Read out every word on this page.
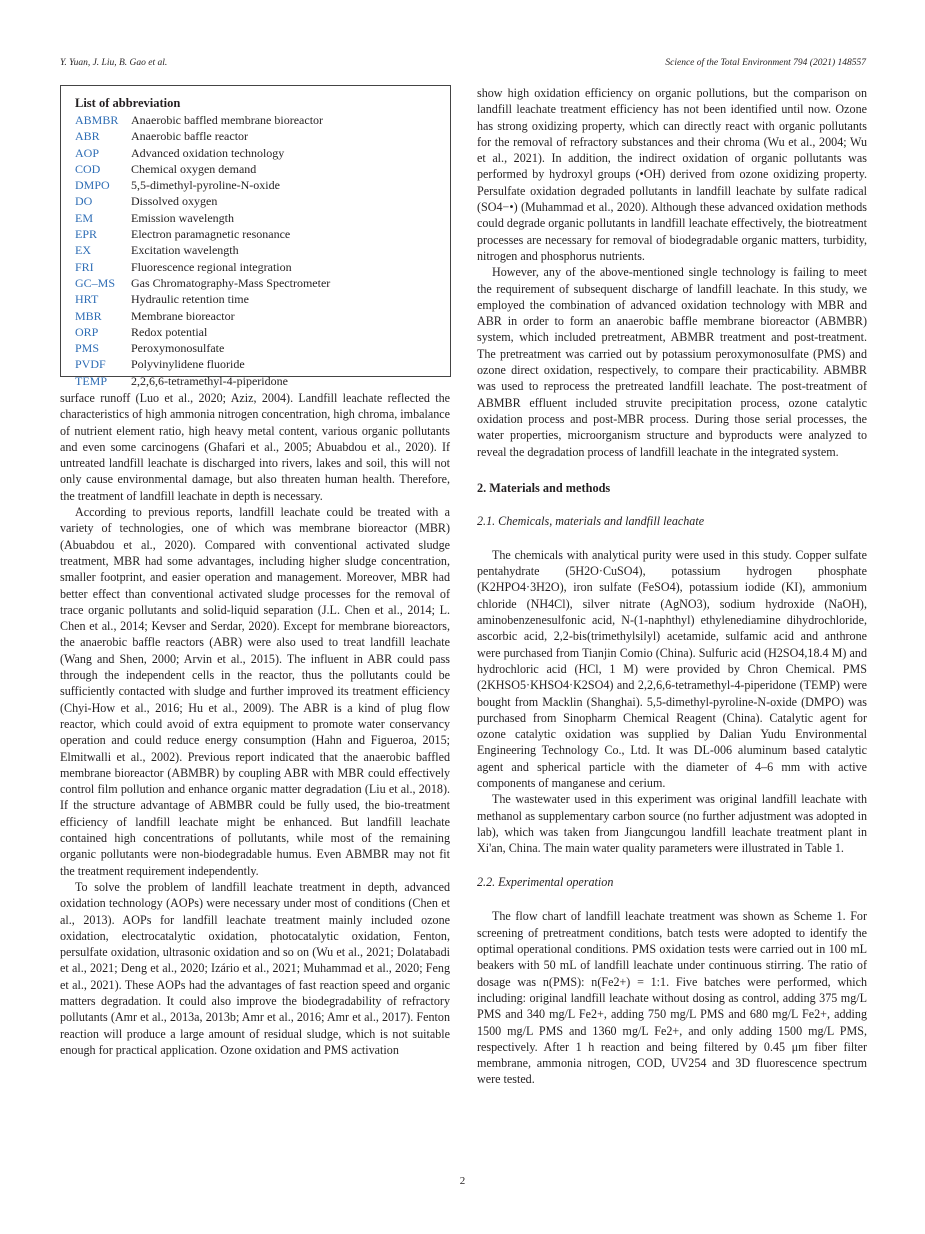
Y. Yuan, J. Liu, B. Gao et al.	Science of the Total Environment 794 (2021) 148557
List of abbreviation
ABMBR	Anaerobic baffled membrane bioreactor
ABR	Anaerobic baffle reactor
AOP	Advanced oxidation technology
COD	Chemical oxygen demand
DMPO	5,5-dimethyl-pyroline-N-oxide
DO	Dissolved oxygen
EM	Emission wavelength
EPR	Electron paramagnetic resonance
EX	Excitation wavelength
FRI	Fluorescence regional integration
GC–MS	Gas Chromatography-Mass Spectrometer
HRT	Hydraulic retention time
MBR	Membrane bioreactor
ORP	Redox potential
PMS	Peroxymonosulfate
PVDF	Polyvinylidene fluoride
TEMP	2,2,6,6-tetramethyl-4-piperidone

surface runoff (Luo et al., 2020; Aziz, 2004). Landfill leachate reflected the characteristics of high ammonia nitrogen concentration, high chroma, imbalance of nutrient element ratio, high heavy metal content, various organic pollutants and even some carcinogens (Ghafari et al., 2005; Abuabdou et al., 2020). If untreated landfill leachate is discharged into rivers, lakes and soil, this will not only cause environmental damage, but also threaten human health. Therefore, the treatment of landfill leachate in depth is necessary.

According to previous reports, landfill leachate could be treated with a variety of technologies, one of which was membrane bioreactor (MBR) (Abuabdou et al., 2020). Compared with conventional activated sludge treatment, MBR had some advantages, including higher sludge concentration, smaller footprint, and easier operation and management. Moreover, MBR had better effect than conventional activated sludge processes for the removal of trace organic pollutants and solid-liquid separation (J.L. Chen et al., 2014; L. Chen et al., 2014; Kevser and Serdar, 2020). Except for membrane bioreactors, the anaerobic baffle reactors (ABR) were also used to treat landfill leachate (Wang and Shen, 2000; Arvin et al., 2015). The influent in ABR could pass through the independent cells in the reactor, thus the pollutants could be sufficiently contacted with sludge and further improved its treatment efficiency (Chyi-How et al., 2016; Hu et al., 2009). The ABR is a kind of plug flow reactor, which could avoid of extra equipment to promote water conservancy operation and could reduce energy consumption (Hahn and Figueroa, 2015; Elmitwalli et al., 2002). Previous report indicated that the anaerobic baffled membrane bioreactor (ABMBR) by coupling ABR with MBR could effectively control film pollution and enhance organic matter degradation (Liu et al., 2018). If the structure advantage of ABMBR could be fully used, the bio-treatment efficiency of landfill leachate might be enhanced. But landfill leachate contained high concentrations of pollutants, while most of the remaining organic pollutants were non-biodegradable humus. Even ABMBR may not fit the treatment requirement independently.

To solve the problem of landfill leachate treatment in depth, advanced oxidation technology (AOPs) were necessary under most of conditions (Chen et al., 2013). AOPs for landfill leachate treatment mainly included ozone oxidation, electrocatalytic oxidation, photocatalytic oxidation, Fenton, persulfate oxidation, ultrasonic oxidation and so on (Wu et al., 2021; Dolatabadi et al., 2021; Deng et al., 2020; Izário et al., 2021; Muhammad et al., 2020; Feng et al., 2021). These AOPs had the advantages of fast reaction speed and organic matters degradation. It could also improve the biodegradability of refractory pollutants (Amr et al., 2013a, 2013b; Amr et al., 2016; Amr et al., 2017). Fenton reaction will produce a large amount of residual sludge, which is not suitable enough for practical application. Ozone oxidation and PMS activation

show high oxidation efficiency on organic pollutions, but the comparison on landfill leachate treatment efficiency has not been identified until now. Ozone has strong oxidizing property, which can directly react with organic pollutants for the removal of refractory substances and their chroma (Wu et al., 2004; Wu et al., 2021). In addition, the indirect oxidation of organic pollutants was performed by hydroxyl groups (•OH) derived from ozone oxidizing property. Persulfate oxidation degraded pollutants in landfill leachate by sulfate radical (SO4−•) (Muhammad et al., 2020). Although these advanced oxidation methods could degrade organic pollutants in landfill leachate effectively, the biotreatment processes are necessary for removal of biodegradable organic matters, turbidity, nitrogen and phosphorus nutrients.

However, any of the above-mentioned single technology is failing to meet the requirement of subsequent discharge of landfill leachate. In this study, we employed the combination of advanced oxidation technology with MBR and ABR in order to form an anaerobic baffle membrane bioreactor (ABMBR) system, which included pretreatment, ABMBR treatment and post-treatment. The pretreatment was carried out by potassium peroxymonosulfate (PMS) and ozone direct oxidation, respectively, to compare their practicability. ABMBR was used to reprocess the pretreated landfill leachate. The post-treatment of ABMBR effluent included struvite precipitation process, ozone catalytic oxidation process and post-MBR process. During those serial processes, the water properties, microorganism structure and byproducts were analyzed to reveal the degradation process of landfill leachate in the integrated system.

2. Materials and methods
2.1. Chemicals, materials and landfill leachate

The chemicals with analytical purity were used in this study. Copper sulfate pentahydrate (5H2O·CuSO4), potassium hydrogen phosphate (K2HPO4·3H2O), iron sulfate (FeSO4), potassium iodide (KI), ammonium chloride (NH4Cl), silver nitrate (AgNO3), sodium hydroxide (NaOH), aminobenzenesulfonic acid, N-(1-naphthyl) ethylenediamine dihydrochloride, ascorbic acid, 2,2-bis(trimethylsilyl) acetamide, sulfamic acid and anthrone were purchased from Tianjin Comio (China). Sulfuric acid (H2SO4,18.4 M) and hydrochloric acid (HCl, 1 M) were provided by Chron Chemical. PMS (2KHSO5·KHSO4·K2SO4) and 2,2,6,6-tetramethyl-4-piperidone (TEMP) were bought from Macklin (Shanghai). 5,5-dimethyl-pyroline-N-oxide (DMPO) was purchased from Sinopharm Chemical Reagent (China). Catalytic agent for ozone catalytic oxidation was supplied by Dalian Yudu Environmental Engineering Technology Co., Ltd. It was DL-006 aluminum based catalytic agent and spherical particle with the diameter of 4–6 mm with active components of manganese and cerium.

The wastewater used in this experiment was original landfill leachate with methanol as supplementary carbon source (no further adjustment was adopted in lab), which was taken from Jiangcungou landfill leachate treatment plant in Xi'an, China. The main water quality parameters were illustrated in Table 1.

2.2. Experimental operation

The flow chart of landfill leachate treatment was shown as Scheme 1. For screening of pretreatment conditions, batch tests were adopted to identify the optimal operational conditions. PMS oxidation tests were carried out in 100 mL beakers with 50 mL of landfill leachate under continuous stirring. The ratio of dosage was n(PMS): n(Fe2+) = 1:1. Five batches were performed, which including: original landfill leachate without dosing as control, adding 375 mg/L PMS and 340 mg/L Fe2+, adding 750 mg/L PMS and 680 mg/L Fe2+, adding 1500 mg/L PMS and 1360 mg/L Fe2+, and only adding 1500 mg/L PMS, respectively. After 1 h reaction and being filtered by 0.45 μm fiber filter membrane, ammonia nitrogen, COD, UV254 and 3D fluorescence spectrum were tested.

2
